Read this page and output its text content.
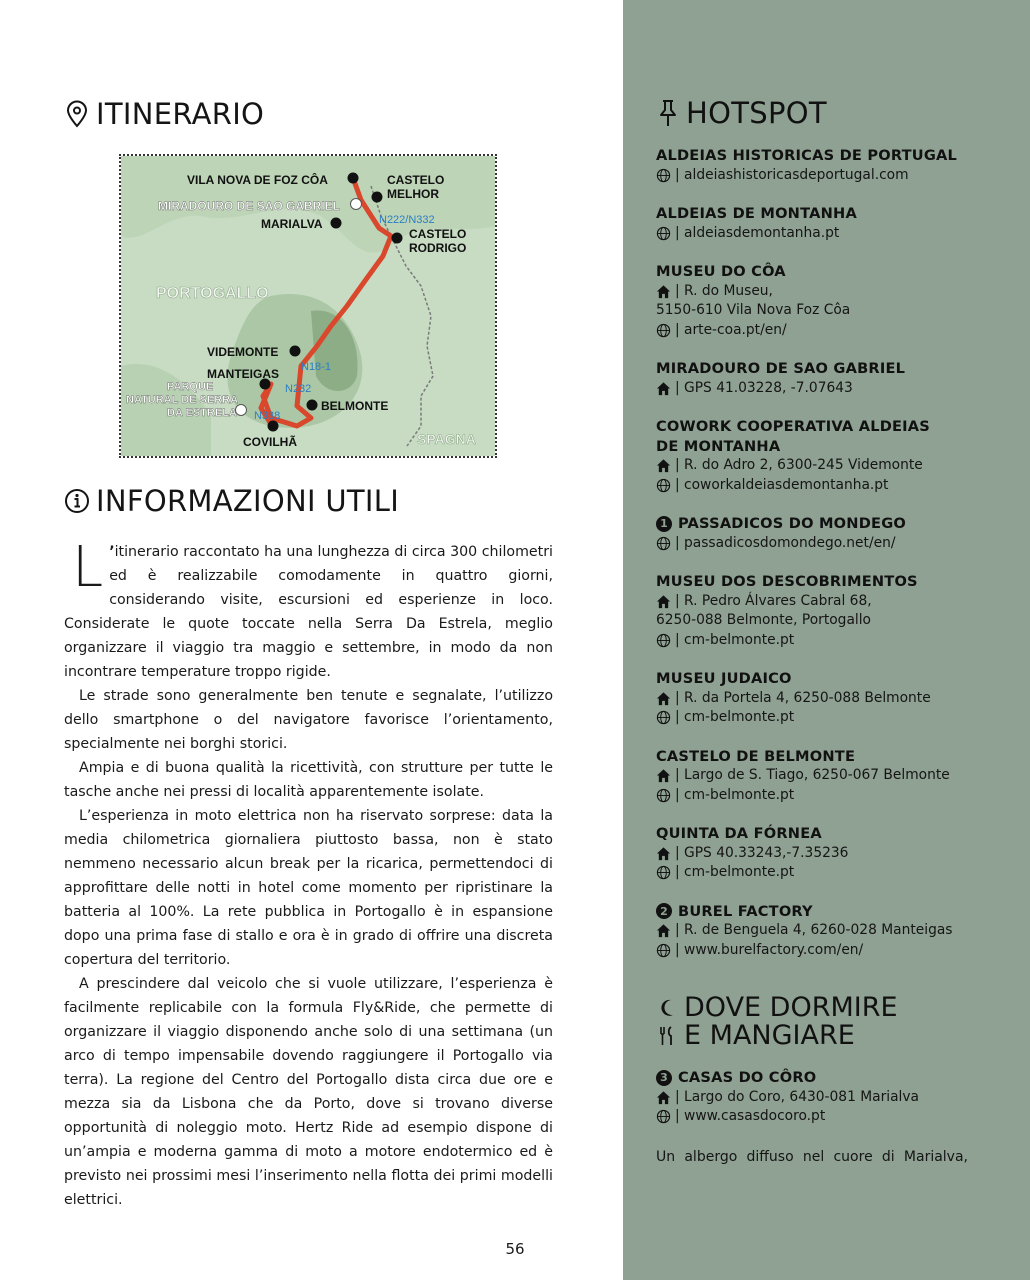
ITINERARIO
VILA NOVA DE FOZ CÔA
MIRADOURO DE SAO GABRIEL
MARIALVA
CASTELO
MELHOR
CASTELO
RODRIGO
N222/N332
PORTOGALLO
VIDEMONTE
N18-1
MANTEIGAS
N232
PARQUE
NATURAL DE SERRA
DA ESTRELA N338
BELMONTE
COVILHÃ	SPAGNA
INFORMAZIONI UTILI

L ’itinerario raccontato ha una lunghezza di circa 300 chilometri ed è realizzabile comodamente in quattro giorni, considerando visite, escursioni ed esperienze in loco. Considerate le quote toccate nella Serra Da Estrela, meglio organizzare il viaggio tra maggio e settembre, in modo da non incontrare temperature troppo rigide.

Le strade sono generalmente ben tenute e segnalate, l’utilizzo dello smartphone o del navigatore favorisce l’orientamento, specialmente nei borghi storici.

Ampia e di buona qualità la ricettività, con strutture per tutte le tasche anche nei pressi di località apparentemente isolate.

L’esperienza in moto elettrica non ha riservato sorprese: data la media chilometrica giornaliera piuttosto bassa, non è stato nemmeno necessario alcun break per la ricarica, permettendoci di approfittare delle notti in hotel come momento per ripristinare la batteria al 100%. La rete pubblica in Portogallo è in espansione dopo una prima fase di stallo e ora è in grado di offrire una discreta copertura del territorio.

A prescindere dal veicolo che si vuole utilizzare, l’esperienza è facilmente replicabile con la formula Fly&Ride, che permette di organizzare il viaggio disponendo anche solo di una settimana (un arco di tempo impensabile dovendo raggiungere il Portogallo via terra). La regione del Centro del Portogallo dista circa due ore e mezza sia da Lisbona che da Porto, dove si trovano diverse opportunità di noleggio moto. Hertz Ride ad esempio dispone di un’ampia e moderna gamma di moto a motore endotermico ed è previsto nei prossimi mesi l’inserimento nella flotta dei primi modelli elettrici.

56
HOTSPOT
ALDEIAS HISTORICAS DE PORTUGAL
| aldeiashistoricasdeportugal.com
ALDEIAS DE MONTANHA
| aldeiasdemontanha.pt
MUSEU DO CÔA
| R. do Museu,
5150-610 Vila Nova Foz Côa
| arte-coa.pt/en/
MIRADOURO DE SAO GABRIEL
| GPS 41.03228, -7.07643
COWORK COOPERATIVA ALDEIAS
DE MONTANHA
| R. do Adro 2, 6300-245 Videmonte
| coworkaldeiasdemontanha.pt
1 PASSADICOS DO MONDEGO
| passadicosdomondego.net/en/
MUSEU DOS DESCOBRIMENTOS
| R. Pedro Álvares Cabral 68,
6250-088 Belmonte, Portogallo
| cm-belmonte.pt
MUSEU JUDAICO
| R. da Portela 4, 6250-088 Belmonte
| cm-belmonte.pt
CASTELO DE BELMONTE
| Largo de S. Tiago, 6250-067 Belmonte
| cm-belmonte.pt
QUINTA DA FÓRNEA
| GPS 40.33243,-7.35236
| cm-belmonte.pt
2 BUREL FACTORY
| R. de Benguela 4, 6260-028 Manteigas
| www.burelfactory.com/en/
DOVE DORMIRE
E MANGIARE
3 CASAS DO CÔRO
| Largo do Coro, 6430-081 Marialva
| www.casasdocoro.pt
Un albergo diffuso nel cuore di Marialva,
